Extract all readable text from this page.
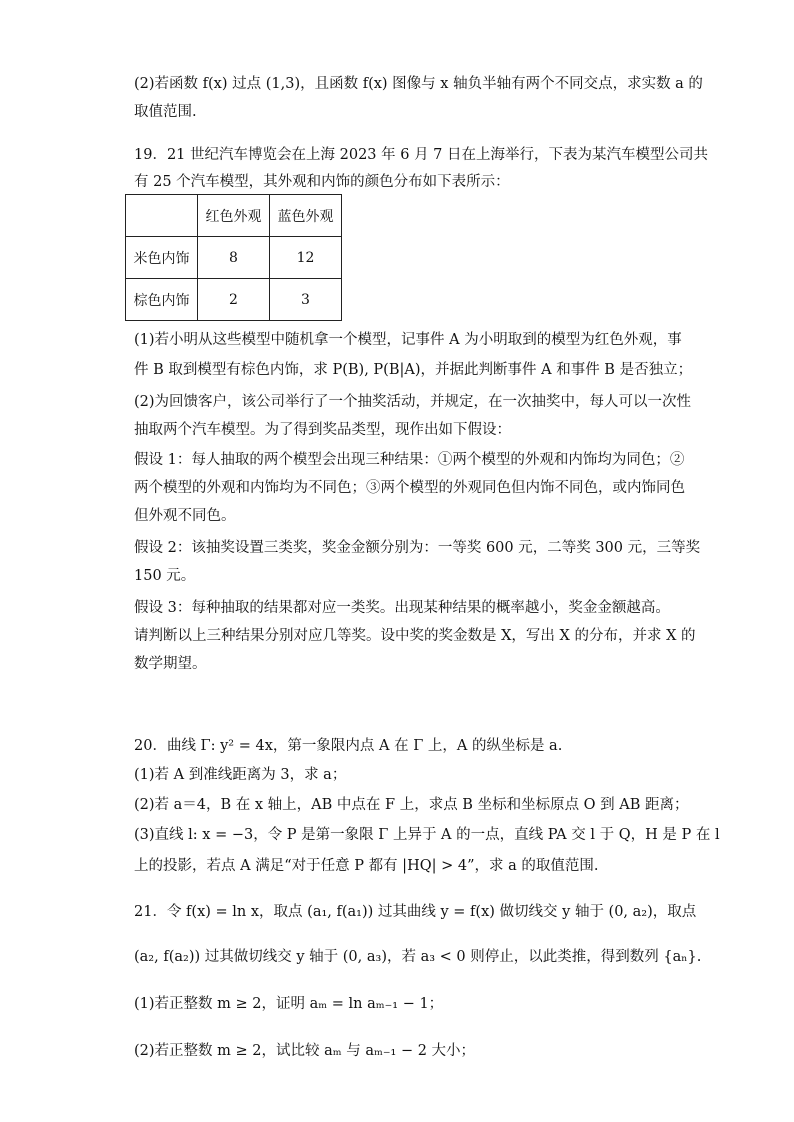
(2)若函数 f(x) 过点 (1,3)，且函数 f(x) 图像与 x 轴负半轴有两个不同交点，求实数 a 的
取值范围.
19．21 世纪汽车博览会在上海 2023 年 6 月 7 日在上海举行，下表为某汽车模型公司共
有 25 个汽车模型，其外观和内饰的颜色分布如下表所示：
	红色外观	蓝色外观
米色内饰	8	12
棕色内饰	2	3
(1)若小明从这些模型中随机拿一个模型，记事件 A 为小明取到的模型为红色外观，事
件 B 取到模型有棕色内饰，求 P(B), P(B|A)，并据此判断事件 A 和事件 B 是否独立；
(2)为回馈客户，该公司举行了一个抽奖活动，并规定，在一次抽奖中，每人可以一次性
抽取两个汽车模型。为了得到奖品类型，现作出如下假设：
假设 1：每人抽取的两个模型会出现三种结果：①两个模型的外观和内饰均为同色；②
两个模型的外观和内饰均为不同色；③两个模型的外观同色但内饰不同色，或内饰同色
但外观不同色。
假设 2：该抽奖设置三类奖，奖金金额分别为：一等奖 600 元，二等奖 300 元，三等奖
150 元。
假设 3：每种抽取的结果都对应一类奖。出现某种结果的概率越小，奖金金额越高。
请判断以上三种结果分别对应几等奖。设中奖的奖金数是 X，写出 X 的分布，并求 X 的
数学期望。
20．曲线 Γ: y² = 4x，第一象限内点 A 在 Γ 上，A 的纵坐标是 a.
(1)若 A 到准线距离为 3，求 a；
(2)若 a＝4，B 在 x 轴上，AB 中点在 F 上，求点 B 坐标和坐标原点 O 到 AB 距离；
(3)直线 l: x = −3，令 P 是第一象限 Γ 上异于 A 的一点，直线 PA 交 l 于 Q，H 是 P 在 l
上的投影，若点 A 满足“对于任意 P 都有 |HQ| > 4”，求 a 的取值范围.
21．令 f(x) = ln x，取点 (a₁, f(a₁)) 过其曲线 y = f(x) 做切线交 y 轴于 (0, a₂)，取点
(a₂, f(a₂)) 过其做切线交 y 轴于 (0, a₃)，若 a₃ < 0 则停止，以此类推，得到数列 {aₙ}.
(1)若正整数 m ≥ 2，证明 aₘ = ln aₘ₋₁ − 1；
(2)若正整数 m ≥ 2，试比较 aₘ 与 aₘ₋₁ − 2 大小；
